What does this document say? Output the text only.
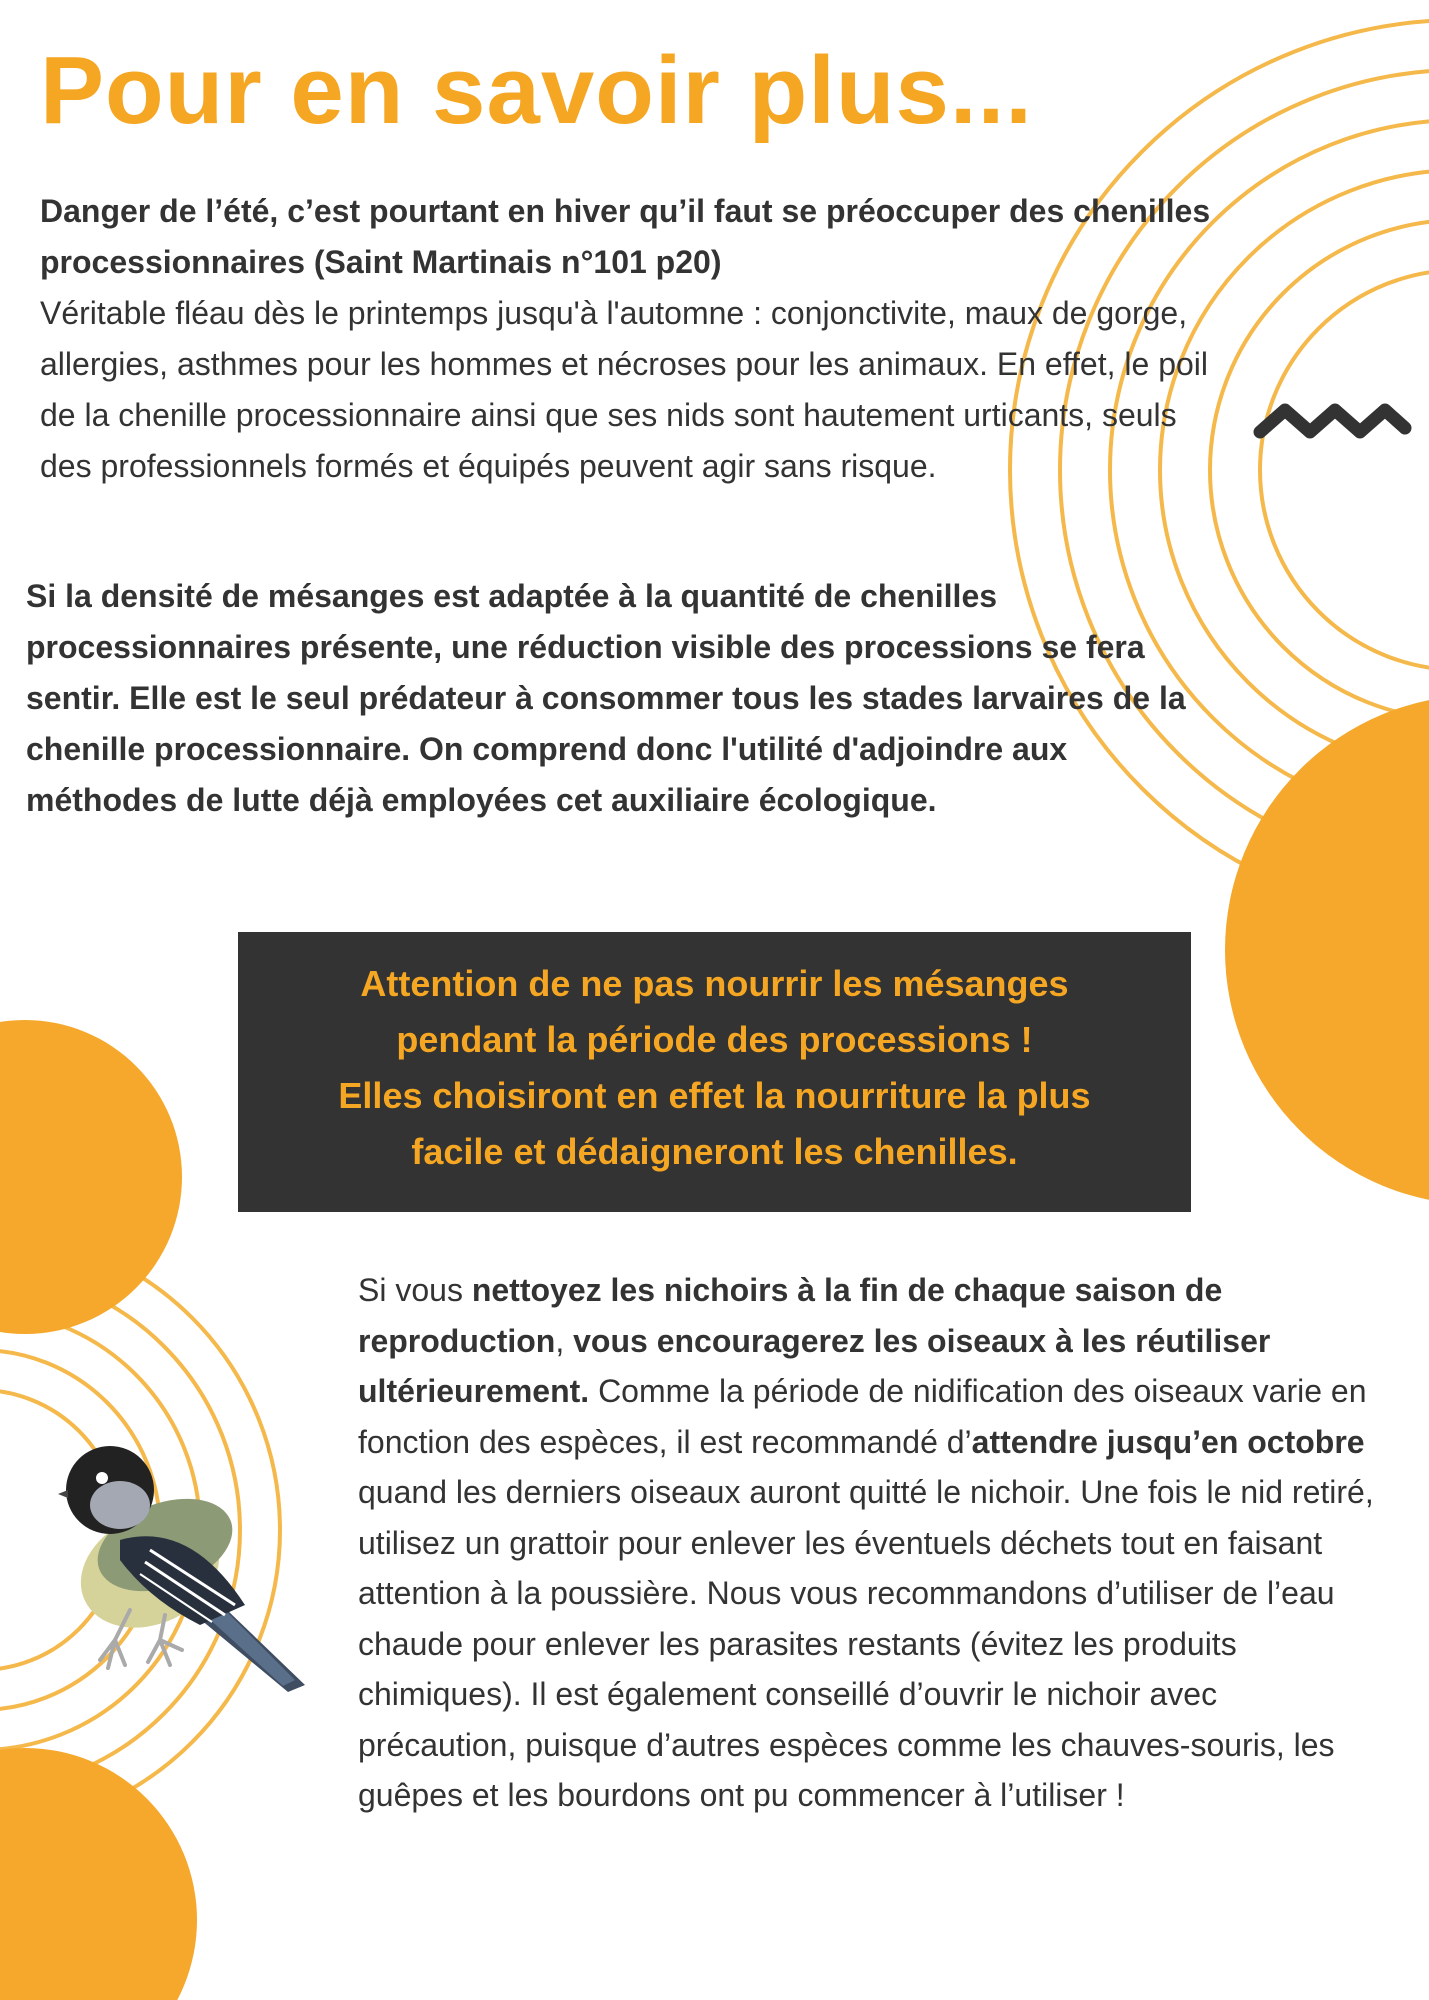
Pour en savoir plus...

Danger de l’été, c’est pourtant en hiver qu’il faut se préoccuper des chenilles processionnaires (Saint Martinais n°101 p20)
Véritable fléau dès le printemps jusqu'à l'automne : conjonctivite, maux de gorge, allergies, asthmes pour les hommes et nécroses pour les animaux. En effet, le poil de la chenille processionnaire ainsi que ses nids sont hautement urticants, seuls des professionnels formés et équipés peuvent agir sans risque.

Si la densité de mésanges est adaptée à la quantité de chenilles processionnaires présente, une réduction visible des processions se fera sentir. Elle est le seul prédateur à consommer tous les stades larvaires de la chenille processionnaire. On comprend donc l'utilité d'adjoindre aux méthodes de lutte déjà employées cet auxiliaire écologique.

Attention de ne pas nourrir les mésanges
pendant la période des processions !
Elles choisiront en effet la nourriture la plus
facile et dédaigneront les chenilles.

Si vous nettoyez les nichoirs à la fin de chaque saison de reproduction, vous encouragerez les oiseaux à les réutiliser ultérieurement. Comme la période de nidification des oiseaux varie en fonction des espèces, il est recommandé d’attendre jusqu’en octobre quand les derniers oiseaux auront quitté le nichoir. Une fois le nid retiré, utilisez un grattoir pour enlever les éventuels déchets tout en faisant attention à la poussière. Nous vous recommandons d’utiliser de l’eau chaude pour enlever les parasites restants (évitez les produits chimiques). Il est également conseillé d’ouvrir le nichoir avec précaution, puisque d’autres espèces comme les chauves-souris, les guêpes et les bourdons ont pu commencer à l’utiliser !
